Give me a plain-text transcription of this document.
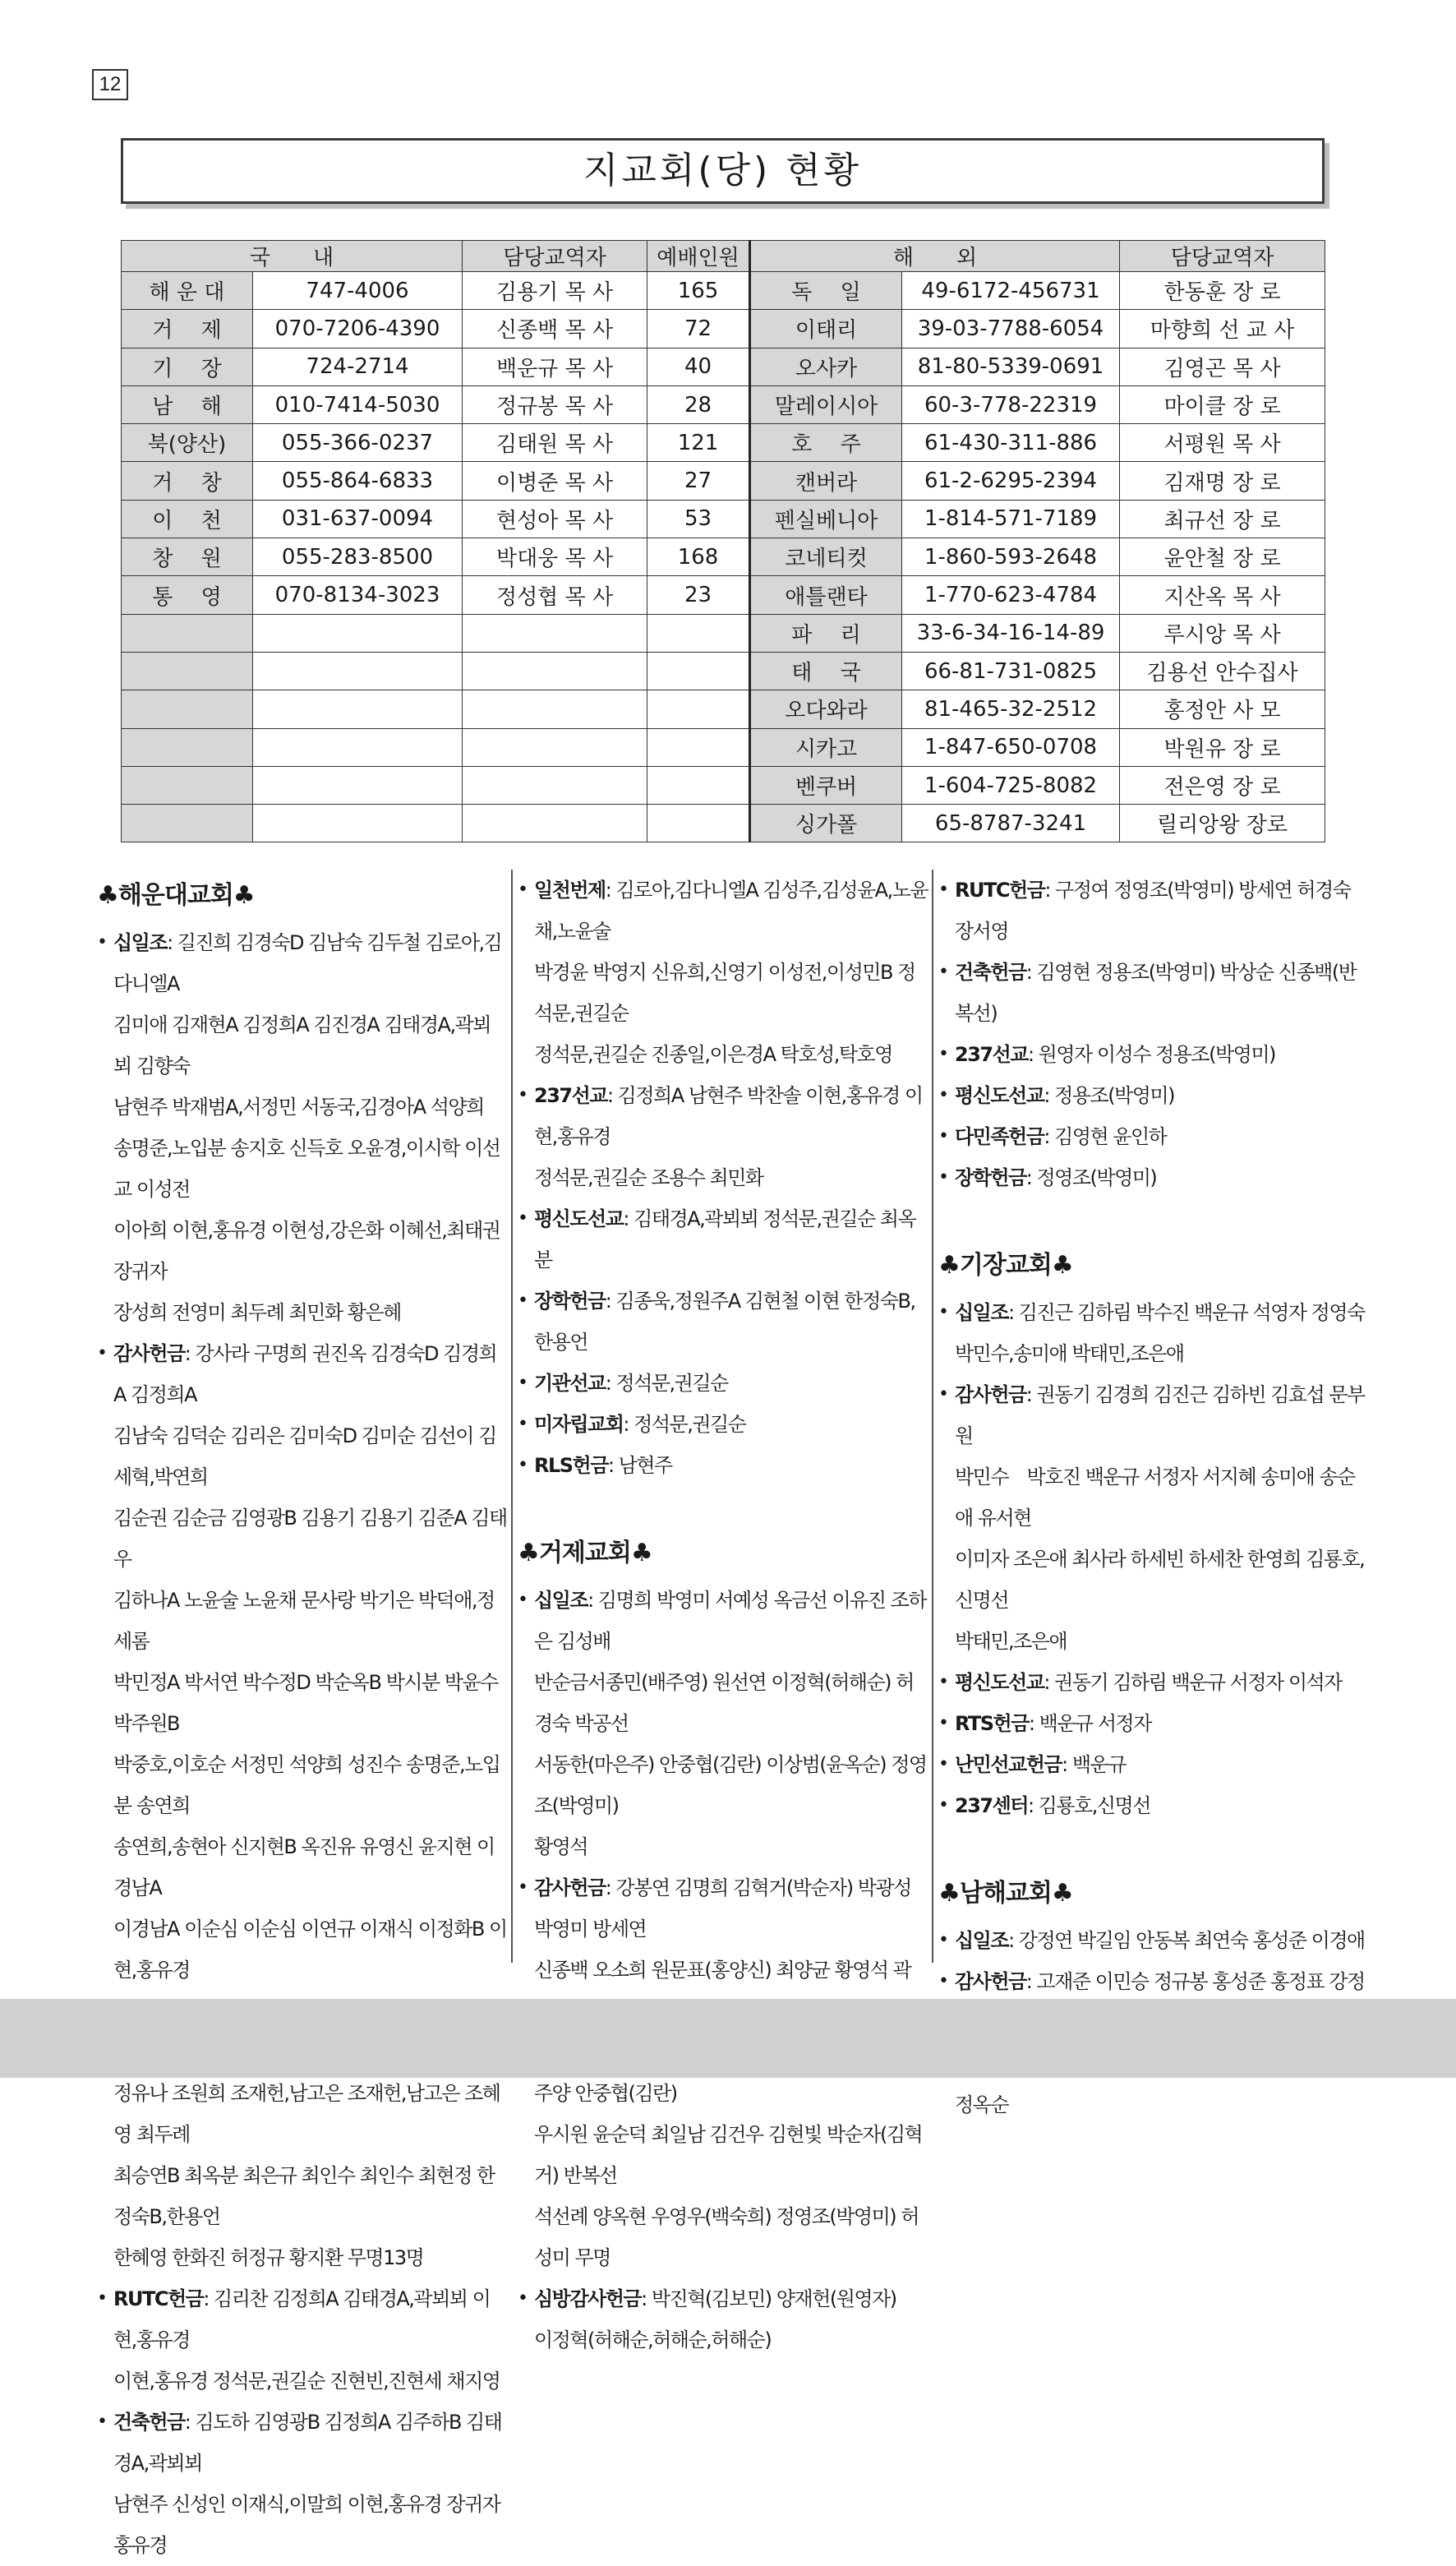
12
지교회(당) 현황
국　　내		담당교역자	예배인원	해　　외		담당교역자
해 운 대	747-4006	김용기 목 사	165	독　 일	49-6172-456731	한동훈 장 로
거　 제	070-7206-4390	신종백 목 사	72	이태리	39-03-7788-6054	마향희 선 교 사
기　 장	724-2714	백운규 목 사	40	오사카	81-80-5339-0691	김영곤 목 사
남　 해	010-7414-5030	정규봉 목 사	28	말레이시아	60-3-778-22319	마이클 장 로
북(양산)	055-366-0237	김태원 목 사	121	호　 주	61-430-311-886	서평원 목 사
거　 창	055-864-6833	이병준 목 사	27	캔버라	61-2-6295-2394	김재명 장 로
이　 천	031-637-0094	현성아 목 사	53	펜실베니아	1-814-571-7189	최규선 장 로
창　 원	055-283-8500	박대웅 목 사	168	코네티컷	1-860-593-2648	윤안철 장 로
통　 영	070-8134-3023	정성협 목 사	23	애틀랜타	1-770-623-4784	지산옥 목 사
				파　 리	33-6-34-16-14-89	루시앙 목 사
				태　 국	66-81-731-0825	김용선 안수집사
				오다와라	81-465-32-2512	홍정안 사 모
				시카고	1-847-650-0708	박원유 장 로
				벤쿠버	1-604-725-8082	전은영 장 로
				싱가폴	65-8787-3241	릴리앙왕 장로
♣해운대교회♣
• 십일조: 길진희 김경숙D 김남숙 김두철 김로아,김다니엘A
김미애 김재현A 김정희A 김진경A 김태경A,곽뵈뵈 김향숙
남현주 박재범A,서정민 서동국,김경아A 석양희
송명준,노입분 송지호 신득호 오윤경,이시학 이선교 이성전
이아희 이현,홍유경 이현성,강은화 이혜선,최태권 장귀자
장성희 전영미 최두례 최민화 황은혜
• 감사헌금: 강사라 구명희 권진옥 김경숙D 김경희A 김정희A
김남숙 김덕순 김리은 김미숙D 김미순 김선이 김세혁,박연희
김순권 김순금 김영광B 김용기 김용기 김준A 김태우
김하나A 노윤술 노윤채 문사랑 박기은 박덕애,정세롬
박민정A 박서연 박수정D 박순옥B 박시분 박윤수 박주원B
박중호,이호순 서정민 석양희 성진수 송명준,노입분 송연희
송연희,송현아 신지현B 옥진유 유영신 윤지현 이경남A
이경남A 이순심 이순심 이연규 이재식 이정화B 이현,홍유경
정유나 조원희 조재헌,남고은 조재헌,남고은 조혜영 최두례
최승연B 최옥분 최은규 최인수 최인수 최현정 한정숙B,한용언
한혜영 한화진 허정규 황지환 무명13명
• RUTC헌금: 김리찬 김정희A 김태경A,곽뵈뵈 이현,홍유경
이현,홍유경 정석문,권길순 진현빈,진현세 채지영
• 건축헌금: 김도하 김영광B 김정희A 김주하B 김태경A,곽뵈뵈
남현주 신성인 이재식,이말희 이현,홍유경 장귀자 홍유경
• 일천번제: 김로아,김다니엘A 김성주,김성윤A,노윤채,노윤술
박경윤 박영지 신유희,신영기 이성전,이성민B 정석문,권길순
정석문,권길순 진종일,이은경A 탁호성,탁호영
• 237선교: 김정희A 남현주 박찬솔 이현,홍유경 이현,홍유경
정석문,권길순 조용수 최민화
• 평신도선교: 김태경A,곽뵈뵈 정석문,권길순 최옥분
• 장학헌금: 김종욱,정원주A 김현철 이현 한정숙B,한용언
• 기관선교: 정석문,권길순
• 미자립교회: 정석문,권길순
• RLS헌금: 남현주
♣거제교회♣
• 십일조: 김명희 박영미 서예성 옥금선 이유진 조하은 김성배
반순금서종민(배주영) 원선연 이정혁(허해순) 허경숙 박공선
서동한(마은주) 안중협(김란) 이상범(윤옥순) 정영조(박영미)
황영석
• 감사헌금: 강봉연 김명희 김혁거(박순자) 박광성 박영미 방세연
신종백 오소희 원문표(홍양신) 최양균 황영석 곽
주양 안중협(김란)
우시원 윤순덕 최일남 김건우 김현빛 박순자(김혁거) 반복선
석선례 양옥현 우영우(백숙희) 정영조(박영미) 허성미 무명
• 심방감사헌금: 박진혁(김보민) 양재헌(원영자)
이정혁(허해순,허해순,허해순)
• RUTC헌금: 구정여 정영조(박영미) 방세연 허경숙 장서영
• 건축헌금: 김영현 정용조(박영미) 박상순 신종백(반복선)
• 237선교: 원영자 이성수 정용조(박영미)
• 평신도선교: 정용조(박영미)
• 다민족헌금: 김영현 윤인하
• 장학헌금: 정영조(박영미)
♣기장교회♣
• 십일조: 김진근 김하림 박수진 백운규 석영자 정영숙
박민수,송미애 박태민,조은애
• 감사헌금: 권동기 김경희 김진근 김하빈 김효섭 문부원
박민수　박호진 백운규 서정자 서지혜 송미애 송순애 유서현
이미자 조은애 최사라 하세빈 하세찬 한영희 김룡호,신명선
박태민,조은애
• 평신도선교: 권동기 김하림 백운규 서정자 이석자
• RTS헌금: 백운규 서정자
• 난민선교헌금: 백운규
• 237센터: 김룡호,신명선
♣남해교회♣
• 십일조: 강정연 박길임 안동복 최연숙 홍성준 이경애
• 감사헌금: 고재준 이민승 정규봉 홍성준 홍정표 강정
정옥순
